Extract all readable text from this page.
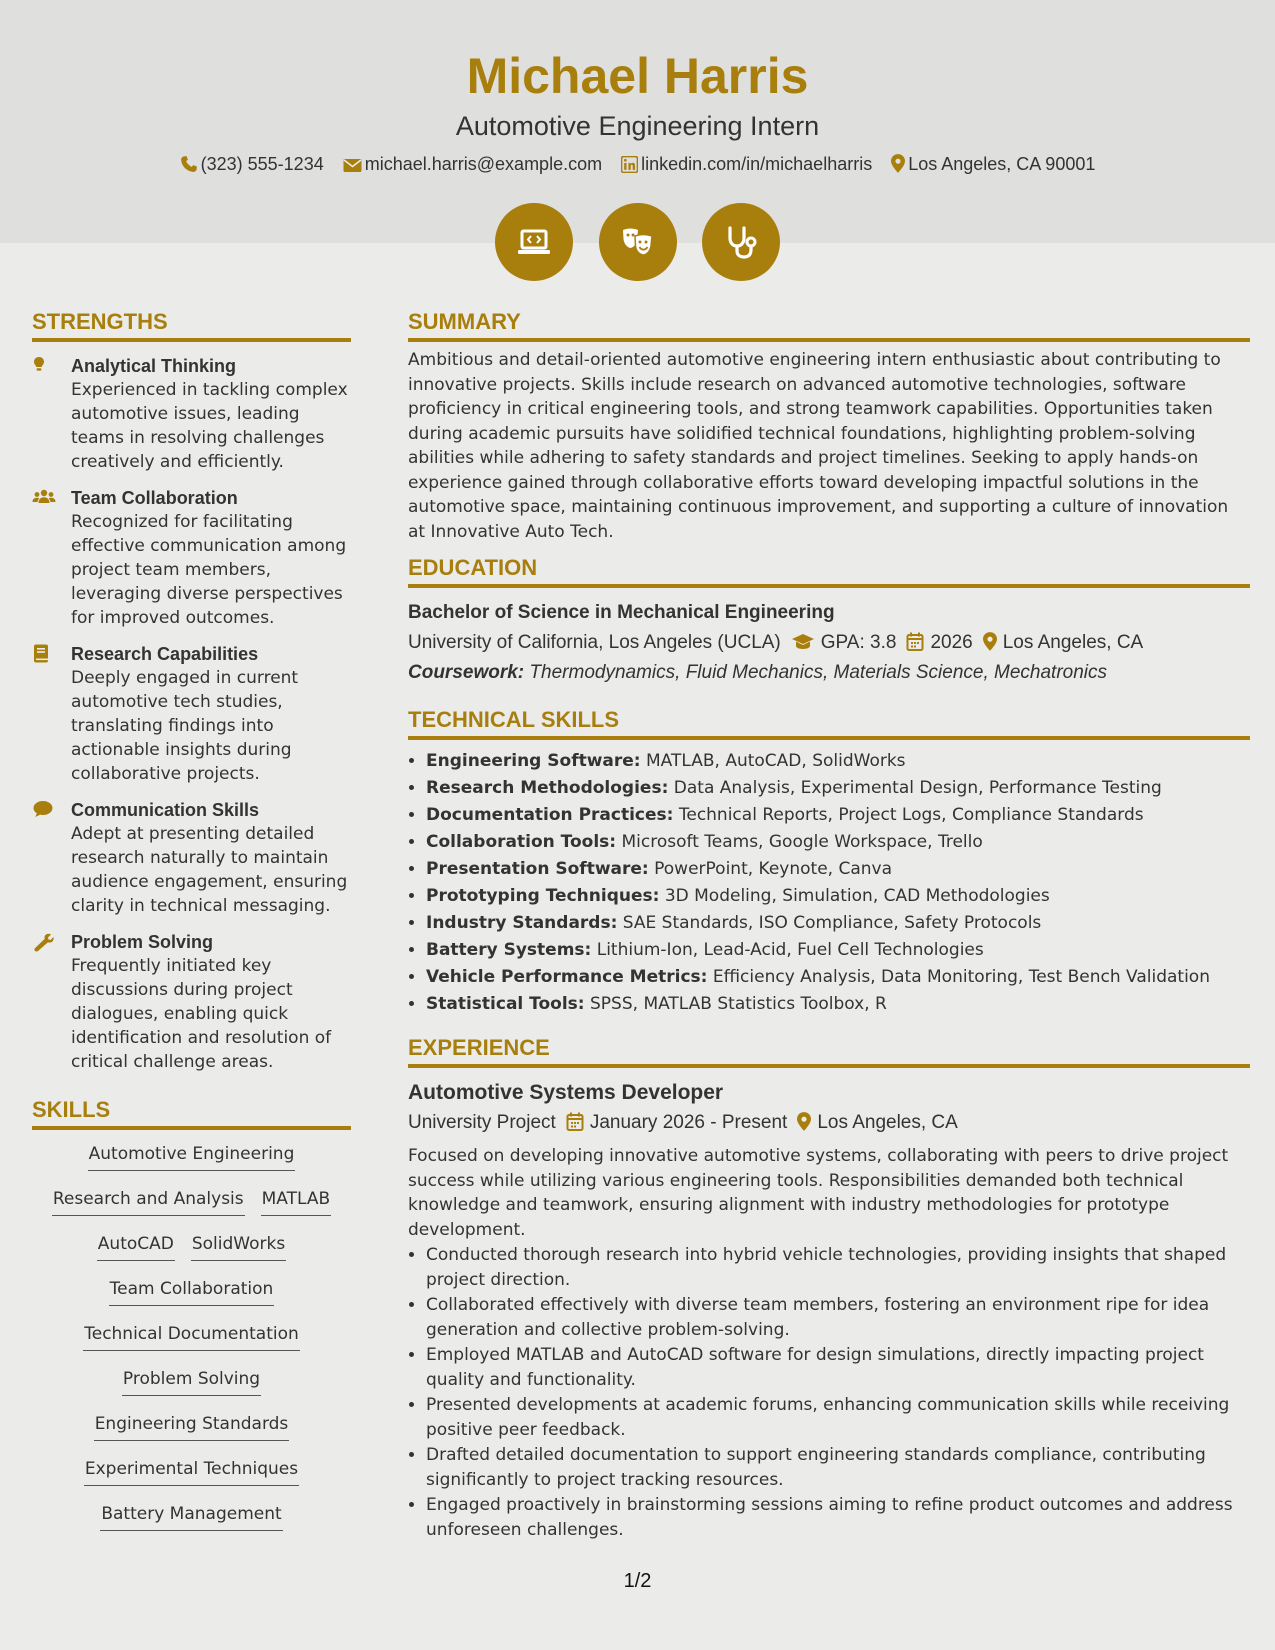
Michael Harris
Automotive Engineering Intern
(323) 555-1234 michael.harris@example.com linkedin.com/in/michaelharris Los Angeles, CA 90001

STRENGTHS
Analytical Thinking
Experienced in tackling complex automotive issues, leading teams in resolving challenges creatively and efficiently.
Team Collaboration
Recognized for facilitating effective communication among project team members, leveraging diverse perspectives for improved outcomes.
Research Capabilities
Deeply engaged in current automotive tech studies, translating findings into actionable insights during collaborative projects.
Communication Skills
Adept at presenting detailed research naturally to maintain audience engagement, ensuring clarity in technical messaging.
Problem Solving
Frequently initiated key discussions during project dialogues, enabling quick identification and resolution of critical challenge areas.
SKILLS
Automotive Engineering
Research and Analysis MATLAB
AutoCAD SolidWorks
Team Collaboration
Technical Documentation
Problem Solving
Engineering Standards
Experimental Techniques
Battery Management
SUMMARY

Ambitious and detail-oriented automotive engineering intern enthusiastic about contributing to innovative projects. Skills include research on advanced automotive technologies, software proficiency in critical engineering tools, and strong teamwork capabilities. Opportunities taken during academic pursuits have solidified technical foundations, highlighting problem-solving abilities while adhering to safety standards and project timelines. Seeking to apply hands-on experience gained through collaborative efforts toward developing impactful solutions in the automotive space, maintaining continuous improvement, and supporting a culture of innovation at Innovative Auto Tech.

EDUCATION
Bachelor of Science in Mechanical Engineering
University of California, Los Angeles (UCLA) GPA: 3.8 2026 Los Angeles, CA
Coursework: Thermodynamics, Fluid Mechanics, Materials Science, Mechatronics
TECHNICAL SKILLS
• Engineering Software: MATLAB, AutoCAD, SolidWorks
• Research Methodologies: Data Analysis, Experimental Design, Performance Testing
• Documentation Practices: Technical Reports, Project Logs, Compliance Standards
• Collaboration Tools: Microsoft Teams, Google Workspace, Trello
• Presentation Software: PowerPoint, Keynote, Canva
• Prototyping Techniques: 3D Modeling, Simulation, CAD Methodologies
• Industry Standards: SAE Standards, ISO Compliance, Safety Protocols
• Battery Systems: Lithium-Ion, Lead-Acid, Fuel Cell Technologies
• Vehicle Performance Metrics: Efficiency Analysis, Data Monitoring, Test Bench Validation
• Statistical Tools: SPSS, MATLAB Statistics Toolbox, R
EXPERIENCE
Automotive Systems Developer
University Project January 2026 - Present Los Angeles, CA

Focused on developing innovative automotive systems, collaborating with peers to drive project success while utilizing various engineering tools. Responsibilities demanded both technical knowledge and teamwork, ensuring alignment with industry methodologies for prototype development.

• Conducted thorough research into hybrid vehicle technologies, providing insights that shaped project direction.
• Collaborated effectively with diverse team members, fostering an environment ripe for idea generation and collective problem-solving.
• Employed MATLAB and AutoCAD software for design simulations, directly impacting project quality and functionality.
• Presented developments at academic forums, enhancing communication skills while receiving positive peer feedback.
• Drafted detailed documentation to support engineering standards compliance, contributing significantly to project tracking resources.
• Engaged proactively in brainstorming sessions aiming to refine product outcomes and address unforeseen challenges.
1/2
